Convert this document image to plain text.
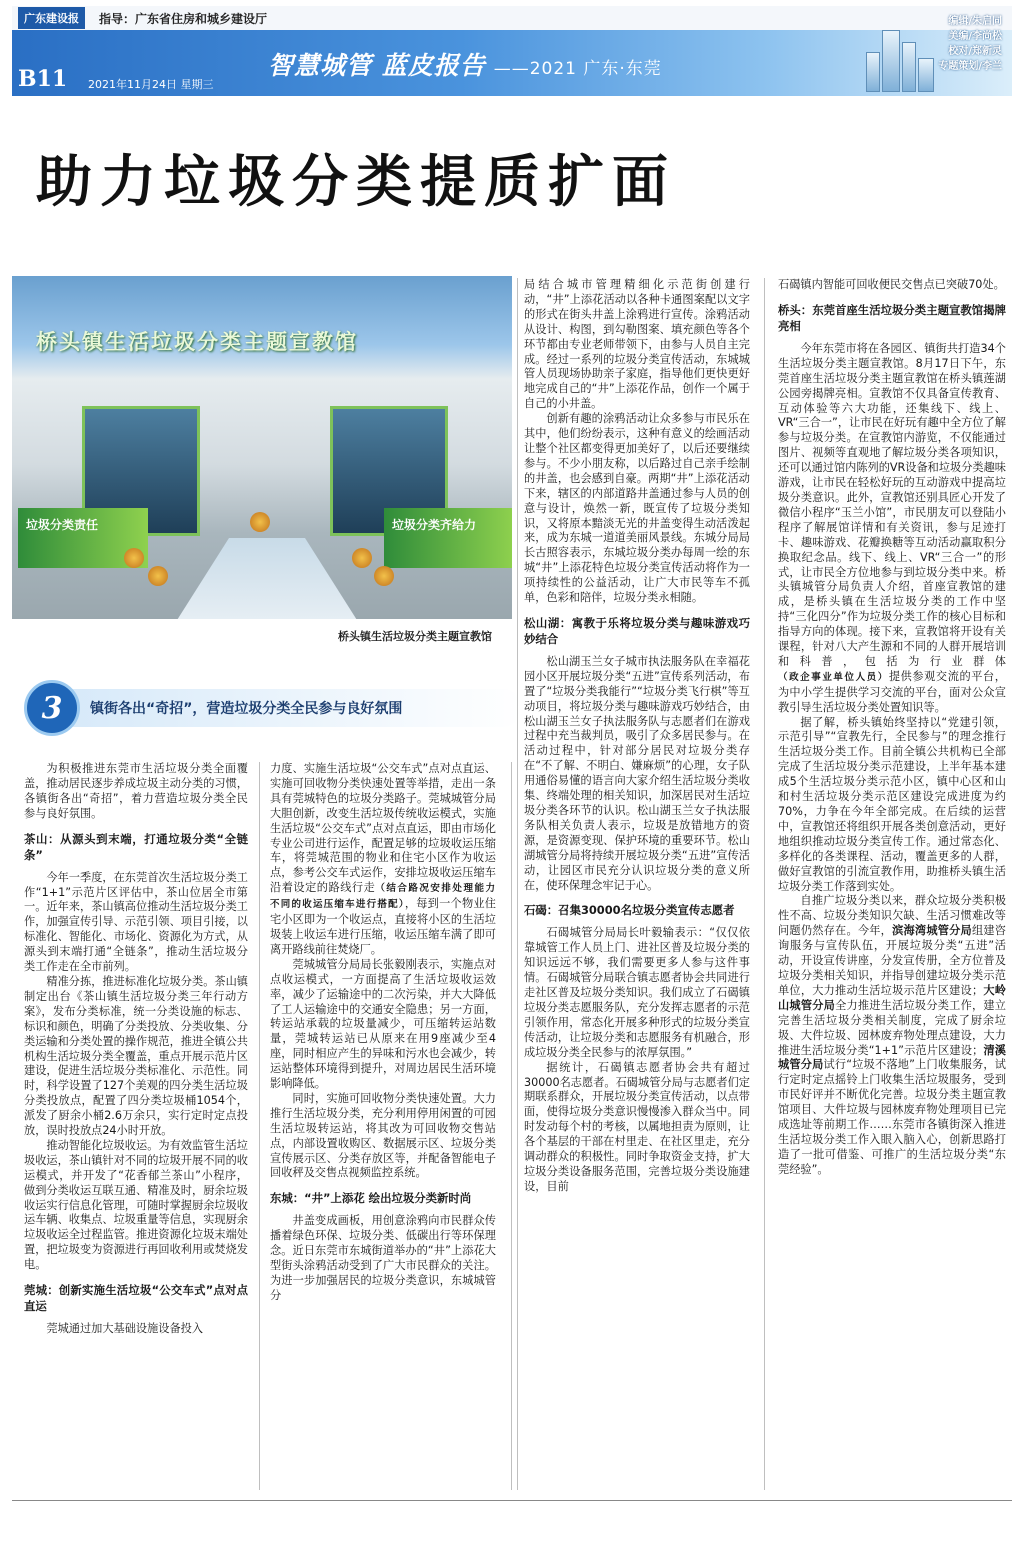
广东建设报	指导：广东省住房和城乡建设厅
B11 2021年11月24日 星期三
智慧城管 蓝皮报告 ——2021 广东·东莞
编辑/朱启同
美编/李尚松
校对/郑新灵
专题策划/李兰
助力垃圾分类提质扩面
桥头镇生活垃圾分类主题宣教馆
垃圾分类责任	垃圾分类齐给力
桥头镇生活垃圾分类主题宣教馆
镇街各出“奇招”，营造垃圾分类全民参与良好氛围
3

为积极推进东莞市生活垃圾分类全面覆盖，推动居民逐步养成垃圾主动分类的习惯，各镇街各出“奇招”，着力营造垃圾分类全民参与良好氛围。

茶山：从源头到末端，打通垃圾分类“全链条”

今年一季度，在东莞首次生活垃圾分类工作“1+1”示范片区评估中，茶山位居全市第一。近年来，茶山镇高位推动生活垃圾分类工作，加强宣传引导、示范引领、项目引接，以标准化、智能化、市场化、资源化为方式，从源头到末端打通“全链条”，推动生活垃圾分类工作走在全市前列。

精准分拣，推进标准化垃圾分类。茶山镇制定出台《茶山镇生活垃圾分类三年行动方案》，发布分类标准，统一分类设施的标志、标识和颜色，明确了分类投放、分类收集、分类运输和分类处置的操作规范，推进全镇公共机构生活垃圾分类全覆盖，重点开展示范片区建设，促进生活垃圾分类标准化、示范性。同时，科学设置了127个美观的四分类生活垃圾分类投放点，配置了四分类垃圾桶1054个，派发了厨余小桶2.6万余只，实行定时定点投放，误时投放点24小时开放。

推动智能化垃圾收运。为有效监管生活垃圾收运，茶山镇针对不同的垃圾开展不同的收运模式，并开发了“花香郁兰茶山”小程序，做到分类收运互联互通、精准及时，厨余垃圾收运实行信息化管理，可随时掌握厨余垃圾收运车辆、收集点、垃圾重量等信息，实现厨余垃圾收运全过程监管。推进资源化垃圾末端处置，把垃圾变为资源进行再回收利用或焚烧发电。

莞城：创新实施生活垃圾“公交车式”点对点直运

莞城通过加大基础设施设备投入

力度、实施生活垃圾“公交车式”点对点直运、实施可回收物分类快速处置等举措，走出一条具有莞城特色的垃圾分类路子。莞城城管分局大胆创新，改变生活垃圾传统收运模式，实施生活垃圾“公交车式”点对点直运，即由市场化专业公司进行运作，配置足够的垃圾收运压缩车，将莞城范围的物业和住宅小区作为收运点，参考公交车式运作，安排垃圾收运压缩车沿着设定的路线行走（结合路况安排处理能力不同的收运压缩车进行搭配），每到一个物业住宅小区即为一个收运点，直接将小区的生活垃圾装上收运车进行压缩，收运压缩车满了即可离开路线前往焚烧厂。

莞城城管分局局长张毅刚表示，实施点对点收运模式，一方面提高了生活垃圾收运效率，减少了运输途中的二次污染，并大大降低了工人运输途中的交通安全隐患；另一方面，转运站承载的垃圾量减少，可压缩转运站数量，莞城转运站已从原来在用9座减少至4座，同时相应产生的异味和污水也会减少，转运站整体环境得到提升，对周边居民生活环境影响降低。

同时，实施可回收物分类快速处置。大力推行生活垃圾分类，充分利用停用闲置的可园生活垃圾转运站，将其改为可回收物交售站点，内部设置收购区、数据展示区、垃圾分类宣传展示区、分类存放区等，并配备智能电子回收秤及交售点视频监控系统。

东城：“井”上添花 绘出垃圾分类新时尚

井盖变成画板，用创意涂鸦向市民群众传播着绿色环保、垃圾分类、低碳出行等环保理念。近日东莞市东城街道举办的“井”上添花大型街头涂鸦活动受到了广大市民群众的关注。为进一步加强居民的垃圾分类意识，东城城管分

局结合城市管理精细化示范街创建行动，“井”上添花活动以各种卡通图案配以文字的形式在街头井盖上涂鸦进行宣传。涂鸦活动从设计、构图，到勾勒图案、填充颜色等各个环节都由专业老师带领下，由参与人员自主完成。经过一系列的垃圾分类宣传活动，东城城管人员现场协助亲子家庭，指导他们更快更好地完成自己的“井”上添花作品，创作一个属于自己的小井盖。

创新有趣的涂鸦活动让众多参与市民乐在其中，他们纷纷表示，这种有意义的绘画活动让整个社区都变得更加美好了，以后还要继续参与。不少小朋友称，以后路过自己亲手绘制的井盖，也会感到自豪。两期“井”上添花活动下来，辖区的内部道路井盖通过参与人员的创意与设计，焕然一新，既宣传了垃圾分类知识，又将原本黯淡无光的井盖变得生动活泼起来，成为东城一道道美丽风景线。东城分局局长古照容表示，东城垃圾分类办每周一绘的东城“井”上添花特色垃圾分类宣传活动将作为一项持续性的公益活动，让广大市民等车不孤单，色彩和陪伴，垃圾分类永相随。

松山湖：寓教于乐将垃圾分类与趣味游戏巧妙结合

松山湖玉兰女子城市执法服务队在幸福花园小区开展垃圾分类“五进”宣传系列活动，布置了“垃圾分类我能行”“垃圾分类飞行棋”等互动项目，将垃圾分类与趣味游戏巧妙结合，由松山湖玉兰女子执法服务队与志愿者们在游戏过程中充当裁判员，吸引了众多居民参与。在活动过程中，针对部分居民对垃圾分类存在“不了解、不明白、嫌麻烦”的心理，女子队用通俗易懂的语言向大家介绍生活垃圾分类收集、终端处理的相关知识，加深居民对生活垃圾分类各环节的认识。松山湖玉兰女子执法服务队相关负责人表示，垃圾是放错地方的资源，是资源变现、保护环境的重要环节。松山湖城管分局将持续开展垃圾分类“五进”宣传活动，让园区市民充分认识垃圾分类的意义所在，使环保理念牢记于心。

石碣：召集30000名垃圾分类宣传志愿者

石碣城管分局局长叶毅输表示：“仅仅依靠城管工作人员上门、进社区普及垃圾分类的知识远远不够，我们需要更多人参与这件事情。石碣城管分局联合镇志愿者协会共同进行走社区普及垃圾分类知识。我们成立了石碣镇垃圾分类志愿服务队，充分发挥志愿者的示范引领作用，常态化开展多种形式的垃圾分类宣传活动，让垃圾分类和志愿服务有机融合，形成垃圾分类全民参与的浓厚氛围。”

据统计，石碣镇志愿者协会共有超过30000名志愿者。石碣城管分局与志愿者们定期联系群众，开展垃圾分类宣传活动，以点带面，使得垃圾分类意识慢慢渗入群众当中。同时发动每个村的考核，以属地担责为原则，让各个基层的干部在村里走、在社区里走，充分调动群众的积极性。同时争取资金支持，扩大垃圾分类设备服务范围，完善垃圾分类设施建设，目前

石碣镇内智能可回收便民交售点已突破70处。

桥头：东莞首座生活垃圾分类主题宣教馆揭牌亮相

今年东莞市将在各园区、镇街共打造34个生活垃圾分类主题宣教馆。8月17日下午，东莞首座生活垃圾分类主题宣教馆在桥头镇莲湖公园旁揭牌亮相。宣教馆不仅具备宣传教育、互动体验等六大功能，还集线下、线上、VR“三合一”，让市民在好玩有趣中全方位了解参与垃圾分类。在宣教馆内游览，不仅能通过图片、视频等直观地了解垃圾分类各项知识，还可以通过馆内陈列的VR设备和垃圾分类趣味游戏，让市民在轻松好玩的互动游戏中提高垃圾分类意识。此外，宣教馆还别具匠心开发了微信小程序“玉兰小馆”，市民朋友可以登陆小程序了解展馆详情和有关资讯，参与足迹打卡、趣味游戏、花瓣换糖等互动活动赢取积分换取纪念品。线下、线上、VR“三合一”的形式，让市民全方位地参与到垃圾分类中来。桥头镇城管分局负责人介绍，首座宣教馆的建成，是桥头镇在生活垃圾分类的工作中坚持“三化四分”作为垃圾分类工作的核心目标和指导方向的体现。接下来，宣教馆将开设有关课程，针对八大产生源和不同的人群开展培训和科普，包括为行业群体（政企事业单位人员）提供参观交流的平台，为中小学生提供学习交流的平台，面对公众宣教引导生活垃圾分类处置知识等。

据了解，桥头镇始终坚持以“党建引领，示范引导”“宣教先行，全民参与”的理念推行生活垃圾分类工作。目前全镇公共机构已全部完成了生活垃圾分类示范建设，上半年基本建成5个生活垃圾分类示范小区，镇中心区和山和村生活垃圾分类示范区建设完成进度为约70%，力争在今年全部完成。在后续的运营中，宣教馆还将组织开展各类创意活动，更好地组织推动垃圾分类宣传工作。通过常态化、多样化的各类课程、活动，覆盖更多的人群，做好宣教馆的引流宣教作用，助推桥头镇生活垃圾分类工作落到实处。

自推广垃圾分类以来，群众垃圾分类积极性不高、垃圾分类知识欠缺、生活习惯难改等问题仍然存在。今年，滨海湾城管分局组建咨询服务与宣传队伍，开展垃圾分类“五进”活动，开设宣传讲座，分发宣传册，全方位普及垃圾分类相关知识，并指导创建垃圾分类示范单位，大力推动生活垃圾示范片区建设；大岭山城管分局全力推进生活垃圾分类工作，建立完善生活垃圾分类相关制度，完成了厨余垃圾、大件垃圾、园林废弃物处理点建设，大力推进生活垃圾分类“1+1”示范片区建设；清溪城管分局试行“垃圾不落地”上门收集服务，试行定时定点摇铃上门收集生活垃圾服务，受到市民好评并不断优化完善。垃圾分类主题宣教馆项目、大件垃圾与园林废弃物处理项目已完成选址等前期工作……东莞市各镇街深入推进生活垃圾分类工作入眼入脑入心，创新思路打造了一批可借鉴、可推广的生活垃圾分类“东莞经验”。
